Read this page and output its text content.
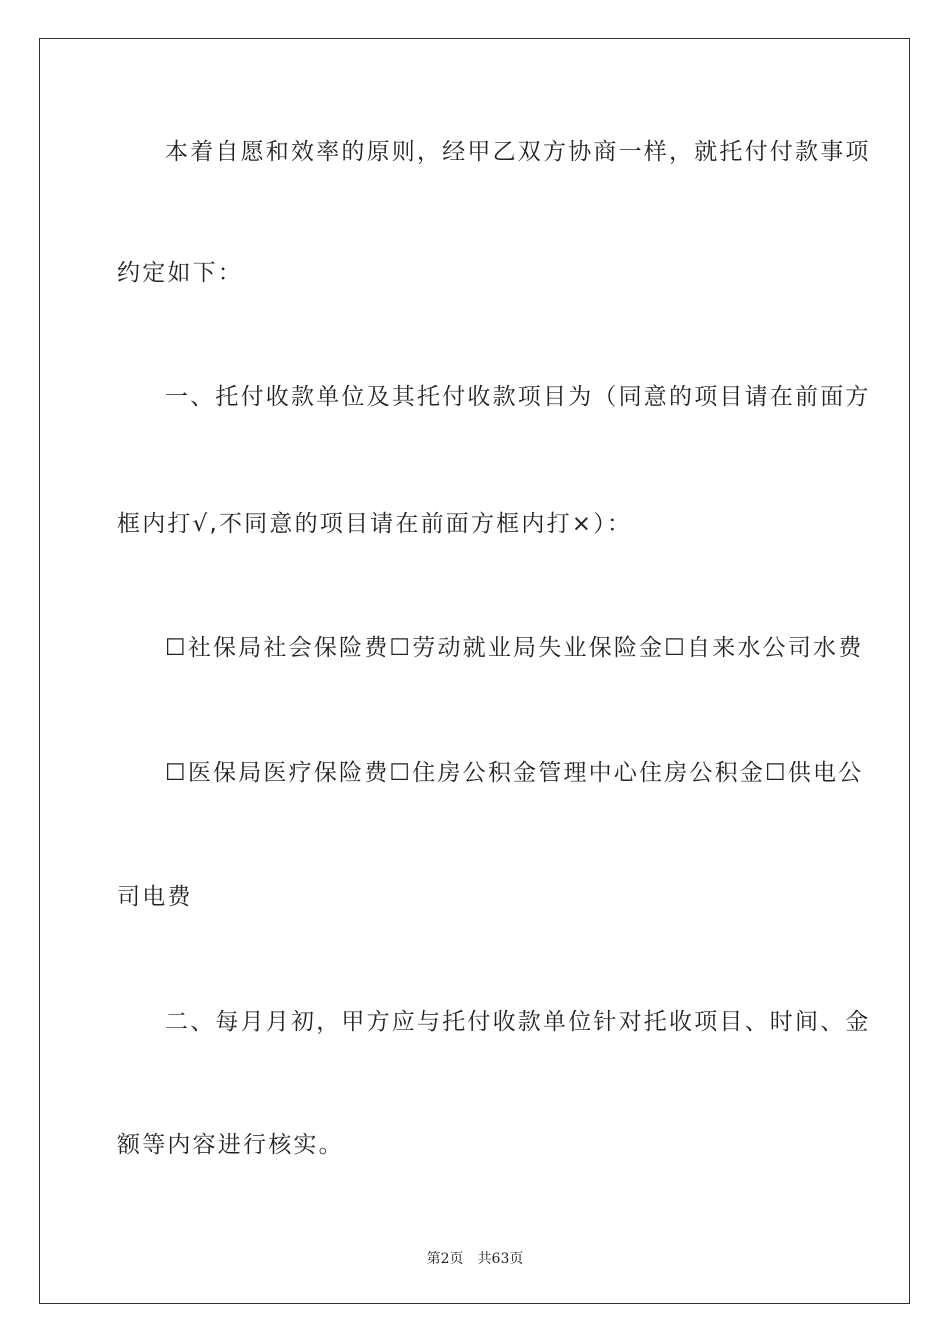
本着自愿和效率的原则，经甲乙双方协商一样，就托付付款事项
约定如下：
一、托付收款单位及其托付收款项目为（同意的项目请在前面方
框内打√,不同意的项目请在前面方框内打×）：
☐社保局社会保险费☐劳动就业局失业保险金☐自来水公司水费
☐医保局医疗保险费☐住房公积金管理中心住房公积金☐供电公
司电费
二、每月月初，甲方应与托付收款单位针对托收项目、时间、金
额等内容进行核实。
第2页 共63页
